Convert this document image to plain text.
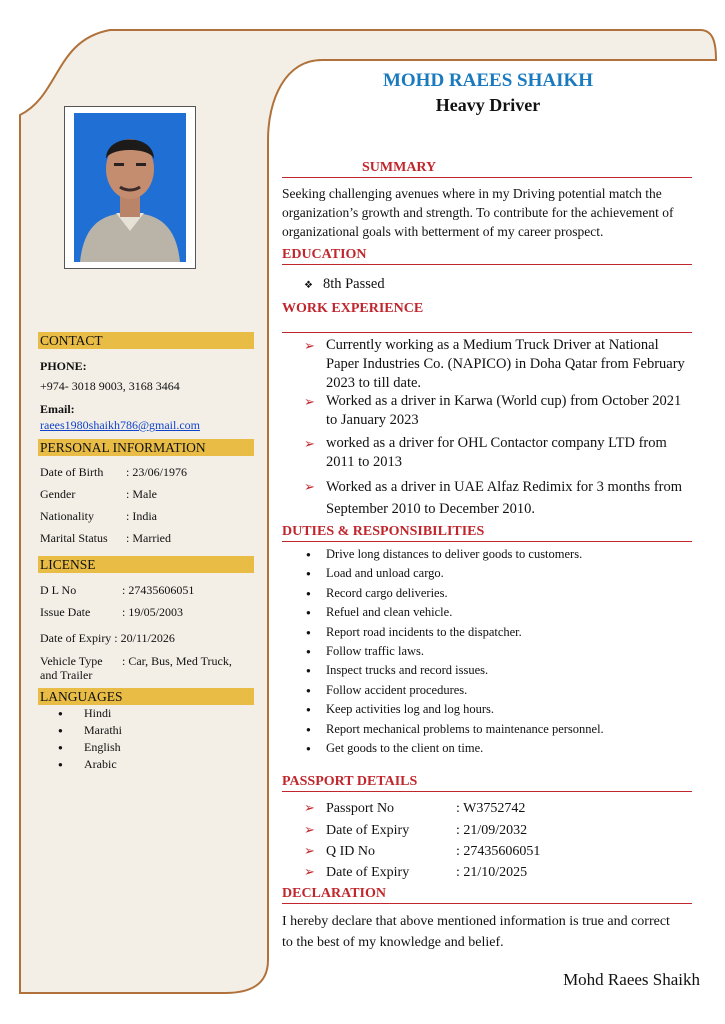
CONTACT
PHONE:
+974- 3018 9003, 3168 3464
Email:
raees1980shaikh786@gmail.com
PERSONAL INFORMATION
Date of Birth : 23/06/1976
Gender	: Male
Nationality	: India
Marital Status : Married
LICENSE
D L No	: 27435606051
Issue Date	: 19/05/2003
Date of Expiry : 20/11/2026
Vehicle Type : Car, Bus, Med Truck,
and Trailer
LANGUAGES
● Hindi
● Marathi
● English
● Arabic
MOHD RAEES SHAIKH
Heavy Driver
SUMMARY
Seeking challenging avenues where in my Driving potential match the organization’s growth and strength. To contribute for the achievement of organizational goals with betterment of my career prospect.
EDUCATION
❖ 8th Passed
WORK EXPERIENCE
➢ Currently working as a Medium Truck Driver at National Paper Industries Co. (NAPICO) in Doha Qatar from February 2023 to till date.
➢ Worked as a driver in Karwa (World cup) from October 2021 to January 2023
➢ worked as a driver for OHL Contactor company LTD from 2011 to 2013
➢ Worked as a driver in UAE Alfaz Redimix for 3 months from September 2010 to December 2010.
DUTIES & RESPONSIBILITIES
● Drive long distances to deliver goods to customers.
● Load and unload cargo.
● Record cargo deliveries.
● Refuel and clean vehicle.
● Report road incidents to the dispatcher.
● Follow traffic laws.
● Inspect trucks and record issues.
● Follow accident procedures.
● Keep activities log and log hours.
● Report mechanical problems to maintenance personnel.
● Get goods to the client on time.
PASSPORT DETAILS
➢ Passport No	: W3752742
➢ Date of Expiry	: 21/09/2032
➢ Q ID No	: 27435606051
➢ Date of Expiry	: 21/10/2025
DECLARATION
I hereby declare that above mentioned information is true and correct to the best of my knowledge and belief.
Mohd Raees Shaikh
